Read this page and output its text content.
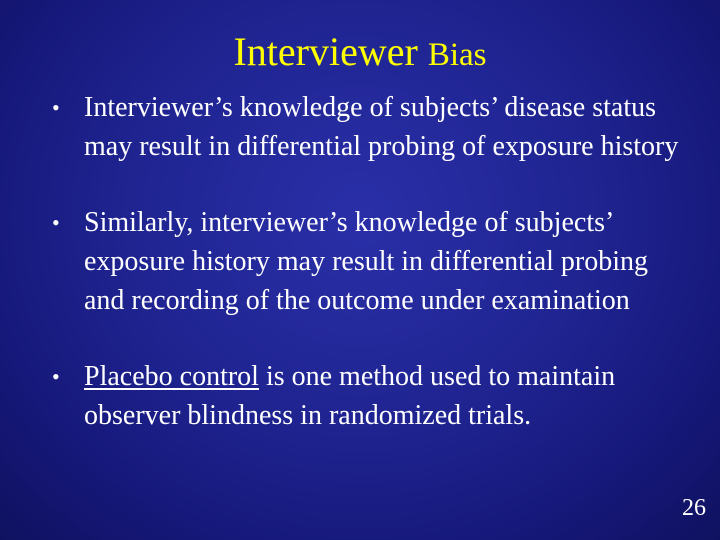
Interviewer Bias
• Interviewer’s knowledge of subjects’ disease status may result in differential probing of exposure history
• Similarly, interviewer’s knowledge of subjects’ exposure history may result in differential probing and recording of the outcome under examination
• Placebo control is one method used to maintain observer blindness in randomized trials.
26
